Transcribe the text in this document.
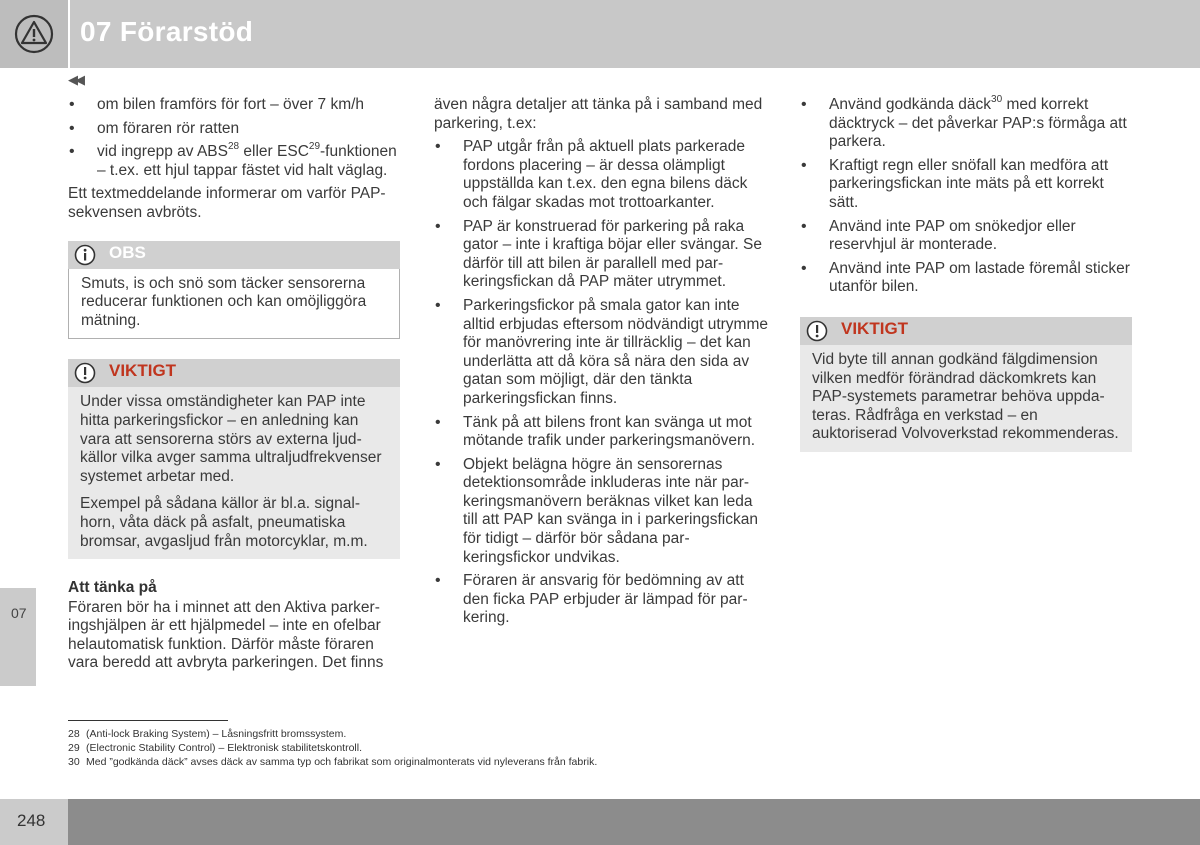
07 Förarstöd
◀◀
• om bilen framförs för fort – över 7 km/h
• om föraren rör ratten
• vid ingrepp av ABS$^{28}$ eller ESC$^{29}$-funktionen – t.ex. ett hjul tappar fästet vid halt väglag.

Ett textmeddelande informerar om varför PAP-sekvensen avbröts.

OBS

Smuts, is och snö som täcker sensorerna reducerar funktionen och kan omöjliggöra mätning.

VIKTIGT

Under vissa omständigheter kan PAP inte hitta parkeringsfickor – en anledning kan vara att sensorerna störs av externa ljudkällor vilka avger samma ultraljudfrekvenser systemet arbetar med.

Exempel på sådana källor är bl.a. signalhorn, våta däck på asfalt, pneumatiska bromsar, avgasljud från motorcyklar, m.m.

Att tänka på

Föraren bör ha i minnet att den Aktiva parkeringshjälpen är ett hjälpmedel – inte en ofelbar helautomatisk funktion. Därför måste föraren vara beredd att avbryta parkeringen. Det finns

även några detaljer att tänka på i samband med parkering, t.ex:

• PAP utgår från på aktuell plats parkerade fordons placering – är dessa olämpligt uppställda kan t.ex. den egna bilens däck och fälgar skadas mot trottoarkanter.
• PAP är konstruerad för parkering på raka gator – inte i kraftiga böjar eller svängar. Se därför till att bilen är parallell med parkeringsfickan då PAP mäter utrymmet.
• Parkeringsfickor på smala gator kan inte alltid erbjudas eftersom nödvändigt utrymme för manövrering inte är tillräcklig – det kan underlätta att då köra så nära den sida av gatan som möjligt, där den tänkta parkeringsfickan finns.
• Tänk på att bilens front kan svänga ut mot mötande trafik under parkeringsmanövern.
• Objekt belägna högre än sensorernas detektionsområde inkluderas inte när parkeringsmanövern beräknas vilket kan leda till att PAP kan svänga in i parkeringsfickan för tidigt – därför bör sådana parkeringsfickor undvikas.
• Föraren är ansvarig för bedömning av att den ficka PAP erbjuder är lämpad för parkering.
• Använd godkända däck$^{30}$ med korrekt däcktryck – det påverkar PAP:s förmåga att parkera.
• Kraftigt regn eller snöfall kan medföra att parkeringsfickan inte mäts på ett korrekt sätt.
• Använd inte PAP om snökedjor eller reservhjul är monterade.
• Använd inte PAP om lastade föremål sticker utanför bilen.
VIKTIGT

Vid byte till annan godkänd fälgdimension vilken medför förändrad däckomkrets kan PAP-systemets parametrar behöva uppdateras. Rådfråga en verkstad – en auktoriserad Volvoverkstad rekommenderas.

07
28 (Anti-lock Braking System) – Låsningsfritt bromssystem.
29 (Electronic Stability Control) – Elektronisk stabilitetskontroll.
30 Med ”godkända däck” avses däck av samma typ och fabrikat som originalmonterats vid nyleverans från fabrik.
248
